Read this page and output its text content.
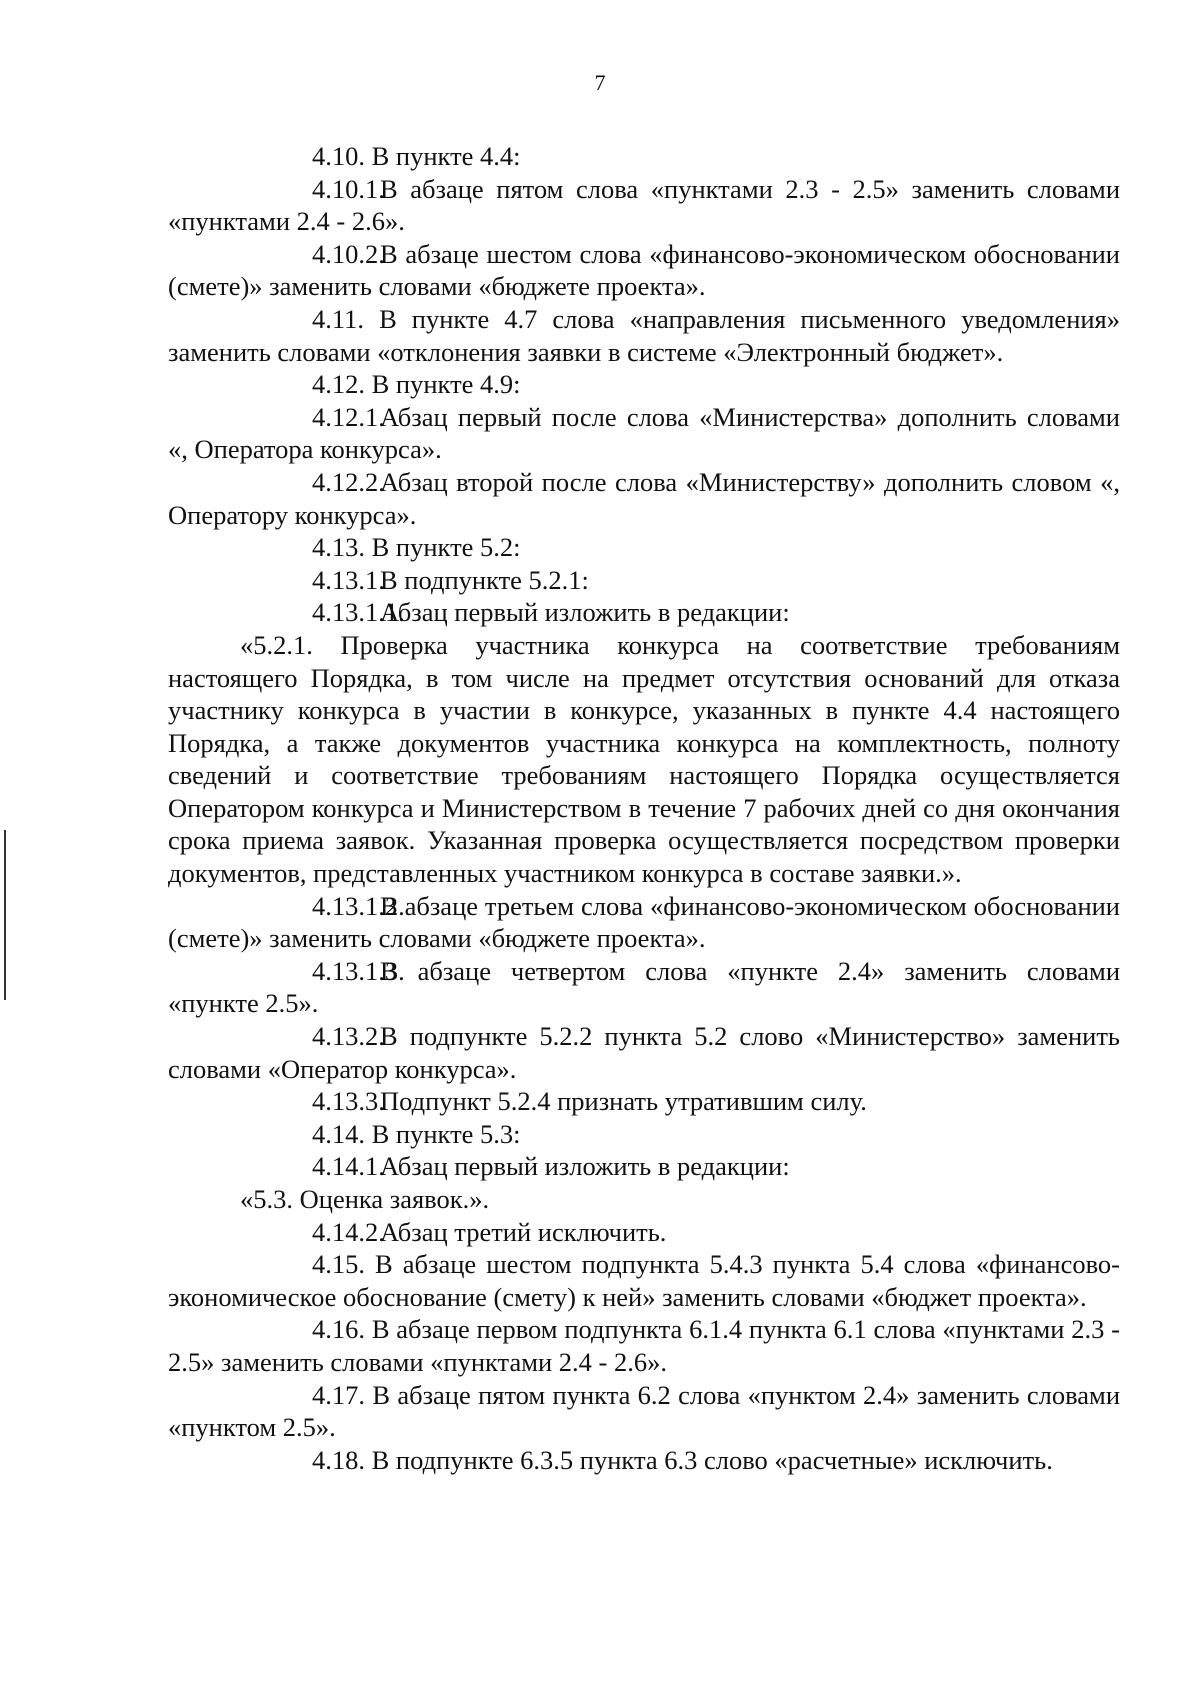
7

4.10. В пункте 4.4:

4.10.1.В абзаце пятом слова «пунктами 2.3 - 2.5» заменить словами «пунктами 2.4 - 2.6».

4.10.2.В абзаце шестом слова «финансово-экономическом обосновании (смете)» заменить словами «бюджете проекта».

4.11. В пункте 4.7 слова «направления письменного уведомления» заменить словами «отклонения заявки в системе «Электронный бюджет».

4.12. В пункте 4.9:

4.12.1.Абзац первый после слова «Министерства» дополнить словами «, Оператора конкурса».

4.12.2.Абзац второй после слова «Министерству» дополнить словом «, Оператору конкурса».

4.13. В пункте 5.2:

4.13.1.В подпункте 5.2.1:

4.13.1.1.Абзац первый изложить в редакции:

«5.2.1. Проверка участника конкурса на соответствие требованиям настоящего Порядка, в том числе на предмет отсутствия оснований для отказа участнику конкурса в участии в конкурсе, указанных в пункте 4.4 настоящего Порядка, а также документов участника конкурса на комплектность, полноту сведений и соответствие требованиям настоящего Порядка осуществляется Оператором конкурса и Министерством в течение 7 рабочих дней со дня окончания срока приема заявок. Указанная проверка осуществляется посредством проверки документов, представленных участником конкурса в составе заявки.».

4.13.1.2.В абзаце третьем слова «финансово-экономическом обосновании (смете)» заменить словами «бюджете проекта».

4.13.1.3.В абзаце четвертом слова «пункте 2.4» заменить словами «пункте 2.5».

4.13.2.В подпункте 5.2.2 пункта 5.2 слово «Министерство» заменить словами «Оператор конкурса».

4.13.3.Подпункт 5.2.4 признать утратившим силу.

4.14. В пункте 5.3:

4.14.1.Абзац первый изложить в редакции:

«5.3. Оценка заявок.».

4.14.2.Абзац третий исключить.

4.15. В абзаце шестом подпункта 5.4.3 пункта 5.4 слова «финансово-экономическое обоснование (смету) к ней» заменить словами «бюджет проекта».

4.16. В абзаце первом подпункта 6.1.4 пункта 6.1 слова «пунктами 2.3 - 2.5» заменить словами «пунктами 2.4 - 2.6».

4.17. В абзаце пятом пункта 6.2 слова «пунктом 2.4» заменить словами «пунктом 2.5».

4.18. В подпункте 6.3.5 пункта 6.3 слово «расчетные» исключить.
